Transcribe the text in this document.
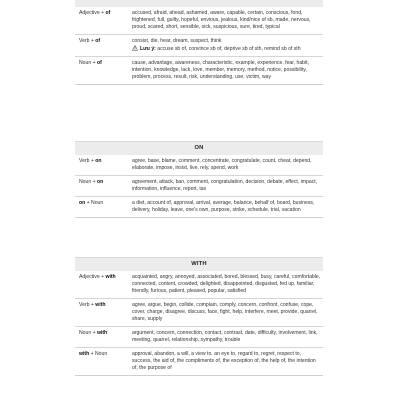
Adjective + of	accused, afraid, ahead, ashamed, aware, capable, certain, conscious, fond, frightened, full, guilty, hopeful, envious, jealous, kind/nice of sb, made, nervous, proud, scared, short, sensible, sick, suspicious, sure, tired, typical
Verb + of	consist, die, hear, dream, suspect, think
Lưu ý: accuse sb of, convince sb of, deprive sb of sth, remind sb of sth
Noun + of	cause, advantage, awareness, characteristic, example, experience, fear, habit, intention, knowledge, lack, love, member, memory, method, notice, possibility, problem, process, result, risk, understanding, use, victim, way
ON
Verb + on	agree, base, blame, comment, concentrate, congratulate, count, cheat, depend, elaborate, impose, insist, live, rely, spend, work
Noun + on	agreement, attack, ban, comment, congratulation, decision, debate, effect, impact, information, influence, report, tax
on + Noun	a diet, account of, approval, arrival, average, balance, behalf of, board, business, delivery, holiday, leave, one's own, purpose, strike, schedule, trial, vacation
WITH
Adjective + with	acquainted, angry, annoyed, associated, bored, blessed, busy, careful, comfortable, connected, content, crowded, delighted, disappointed, disgusted, fed up, familiar, friendly, furious, patient, pleased, popular, satisfied
Verb + with	agree, argue, begin, collide, complain, comply, concern, confront, confuse, cope, cover, charge, disagree, discuss, face, fight, help, interfere, meet, provide, quarrel, share, supply
Noun + with	argument, concern, connection, contact, contrast, date, difficulty, involvement, link, meeting, quarrel, relationship, sympathy, trouble
with + Noun	approval, abandon, a will, a view to, an eye to, regard to, regret, respect to, success, the aid of, the compliments of, the exception of, the help of, the intention of, the purpose of
